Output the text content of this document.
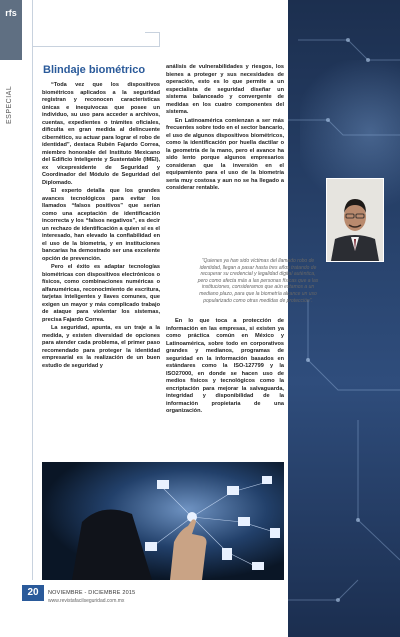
rfs
ESPECIAL
Blindaje biométrico

“Toda vez que los dispositivos biométricos aplicados a la seguridad registran y reconocen características únicas e inequívocas que posee un individuo, su uso para acceder a archivos, cuentas, expedientes o trámites oficiales, dificulta en gran medida al delincuente cibernético, su actuar para lograr el robo de identidad”, destaca Rubén Fajardo Correa, miembro honorable del Instituto Mexicano del Edificio Inteligente y Sustentable (IMEI), ex vicepresidente de Seguridad y Coordinador del Módulo de Seguridad del Diplomado.

El experto detalla que los grandes avances tecnológicos para evitar los llamados “falsos positivos” que serían como una aceptación de identificación incorrecta y los “falsos negativos”, es decir un rechazo de identificación a quien sí es el interesado, han elevado la confiabilidad en el uso de la biometría, y en instituciones bancarias ha demostrado ser una excelente opción de prevención.

Pero el éxito es adaptar tecnologías biométricas con dispositivos electrónicos o físicos, como combinaciones numéricas o alfanuméricas, reconocimiento de escritura, tarjetas inteligentes y llaves comunes, que exigen un mayor y más complicado trabajo de ataque para violentar los sistemas, precisa Fajardo Correa.

La seguridad, apunta, es un traje a la medida, y existen diversidad de opciones para atender cada problema, el primer paso recomendado para proteger la identidad empresarial es la realización de un buen estudio de seguridad y

análisis de vulnerabilidades y riesgos, los bienes a proteger y sus necesidades de operación, esto es lo que permite a un especialista de seguridad diseñar un sistema balanceado y convergente de medidas en los cuatro componentes del sistema.

En Latinoamérica comienzan a ser más frecuentes sobre todo en el sector bancario, el uso de algunos dispositivos biométricos, como la identificación por huella dactilar o la geometría de la mano, pero el avance ha sido lento porque algunos empresarios consideran que la inversión en el equipamiento para el uso de la biometría sería muy costosa y aun no se ha llegado a considerar rentable.

“Quienes ya han sido víctimas del llamado robo de identidad, llegan a pasar hasta tres años tratando de recuperar su credencial y legalidad digital auténtica, pero como afecta más a las personas físicas que a las instituciones, consideramos que aún estamos a un mediano plazo, para que la biometría alcance un uso popularizado como otras medidas de protección”.

En lo que toca a protección de información en las empresas, si existen ya como práctica común en México y Latinoamérica, sobre todo en corporativos grandes y medianos, programas de seguridad en la información basados en estándares como la ISO-127799 y la ISO27000, en donde se hacen uso de medios físicos y tecnológicos como la encriptación para mejorar la salvaguarda, integridad y disponibilidad de la información propietaria de una organización.

20	NOVIEMBRE - DICIEMBRE 2015
www.revistafacilseguridad.com.mx
